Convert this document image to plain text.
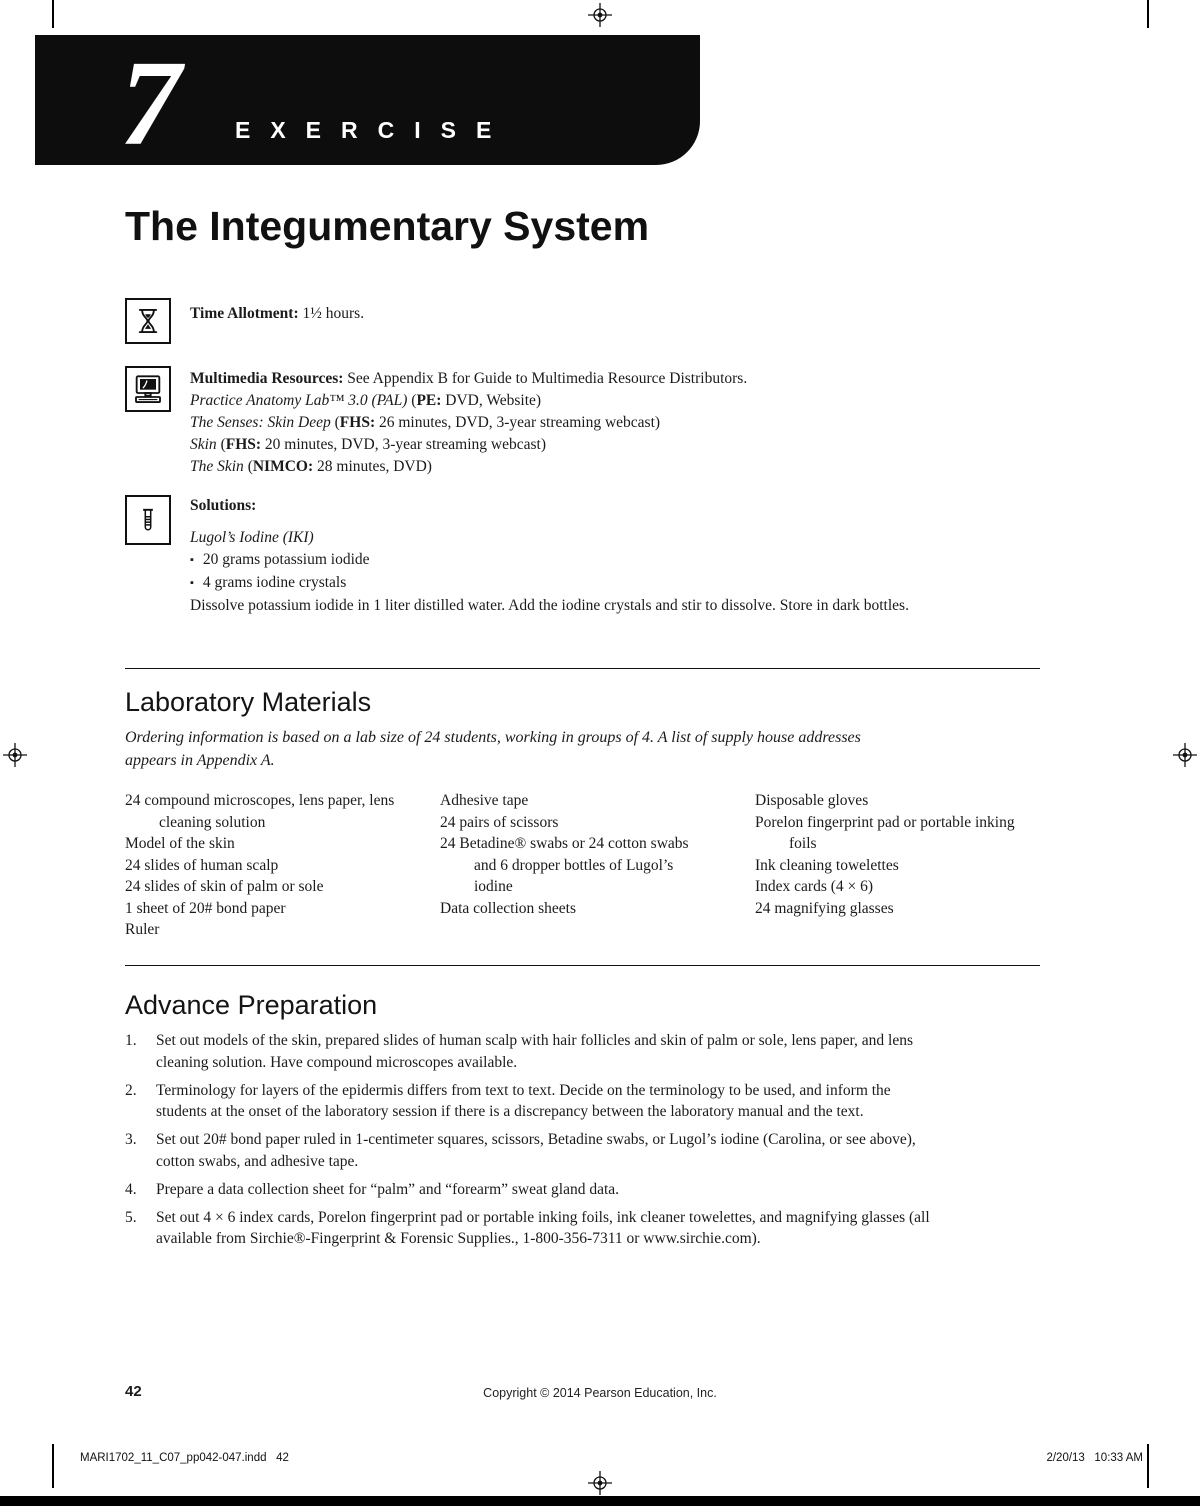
7 EXERCISE
The Integumentary System
Time Allotment: 1½ hours.
Multimedia Resources: See Appendix B for Guide to Multimedia Resource Distributors.
Practice Anatomy Lab™ 3.0 (PAL) (PE: DVD, Website)
The Senses: Skin Deep (FHS: 26 minutes, DVD, 3-year streaming webcast)
Skin (FHS: 20 minutes, DVD, 3-year streaming webcast)
The Skin (NIMCO: 28 minutes, DVD)
Solutions:
Lugol’s Iodine (IKI)
▪ 20 grams potassium iodide
▪ 4 grams iodine crystals
Dissolve potassium iodide in 1 liter distilled water. Add the iodine crystals and stir to dissolve. Store in dark bottles.
Laboratory Materials

Ordering information is based on a lab size of 24 students, working in groups of 4. A list of supply house addresses appears in Appendix A.

24 compound microscopes, lens paper, lens cleaning solution
Model of the skin
24 slides of human scalp
24 slides of skin of palm or sole
1 sheet of 20# bond paper
Ruler
Adhesive tape
24 pairs of scissors
24 Betadine® swabs or 24 cotton swabs and 6 dropper bottles of Lugol’s iodine
Data collection sheets
Disposable gloves
Porelon fingerprint pad or portable inking foils
Ink cleaning towelettes
Index cards (4 × 6)
24 magnifying glasses
Advance Preparation
1.	Set out models of the skin, prepared slides of human scalp with hair follicles and skin of palm or sole, lens paper, and lens cleaning solution. Have compound microscopes available.
2.	Terminology for layers of the epidermis differs from text to text. Decide on the terminology to be used, and inform the students at the onset of the laboratory session if there is a discrepancy between the laboratory manual and the text.
3.	Set out 20# bond paper ruled in 1-centimeter squares, scissors, Betadine swabs, or Lugol’s iodine (Carolina, or see above), cotton swabs, and adhesive tape.
4.	Prepare a data collection sheet for “palm” and “forearm” sweat gland data.
5.	Set out 4 × 6 index cards, Porelon fingerprint pad or portable inking foils, ink cleaner towelettes, and magnifying glasses (all available from Sirchie®-Fingerprint & Forensic Supplies., 1-800-356-7311 or www.sirchie.com).
42	Copyright © 2014 Pearson Education, Inc.
MARI1702_11_C07_pp042-047.indd   42	2/20/13   10:33 AM
